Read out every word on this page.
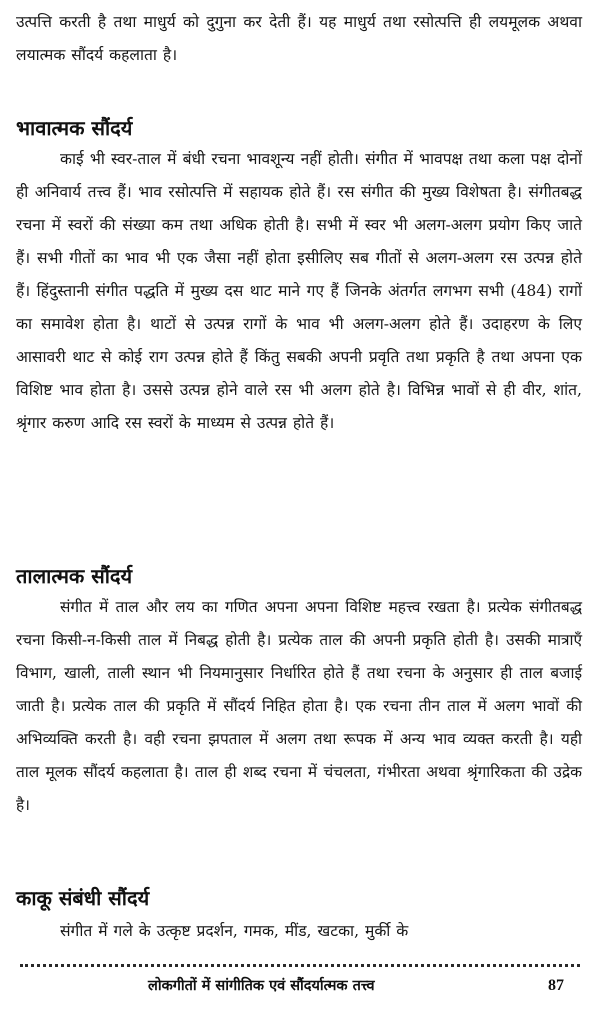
उत्पत्ति करती है तथा माधुर्य को दुगुना कर देती हैं। यह माधुर्य तथा रसोत्पत्ति ही लयमूलक अथवा लयात्मक सौंदर्य कहलाता है।

भावात्मक सौंदर्य

काई भी स्वर-ताल में बंधी रचना भावशून्य नहीं होती। संगीत में भावपक्ष तथा कला पक्ष दोनों ही अनिवार्य तत्त्व हैं। भाव रसोत्पत्ति में सहायक होते हैं। रस संगीत की मुख्य विशेषता है। संगीतबद्ध रचना में स्वरों की संख्या कम तथा अधिक होती है। सभी में स्वर भी अलग-अलग प्रयोग किए जाते हैं। सभी गीतों का भाव भी एक जैसा नहीं होता इसीलिए सब गीतों से अलग-अलग रस उत्पन्न होते हैं। हिंदुस्तानी संगीत पद्धति में मुख्य दस थाट माने गए हैं जिनके अंतर्गत लगभग सभी (484) रागों का समावेश होता है। थाटों से उत्पन्न रागों के भाव भी अलग-अलग होते हैं। उदाहरण के लिए आसावरी थाट से कोई राग उत्पन्न होते हैं किंतु सबकी अपनी प्रवृति तथा प्रकृति है तथा अपना एक विशिष्ट भाव होता है। उससे उत्पन्न होने वाले रस भी अलग होते है। विभिन्न भावों से ही वीर, शांत, श्रृंगार करुण आदि रस स्वरों के माध्यम से उत्पन्न होते हैं।

तालात्मक सौंदर्य

संगीत में ताल और लय का गणित अपना अपना विशिष्ट महत्त्व रखता है। प्रत्येक संगीतबद्ध रचना किसी-न-किसी ताल में निबद्ध होती है। प्रत्येक ताल की अपनी प्रकृति होती है। उसकी मात्राएँ विभाग, खाली, ताली स्थान भी नियमानुसार निर्धारित होते हैं तथा रचना के अनुसार ही ताल बजाई जाती है। प्रत्येक ताल की प्रकृति में सौंदर्य निहित होता है। एक रचना तीन ताल में अलग भावों की अभिव्यक्ति करती है। वही रचना झपताल में अलग तथा रूपक में अन्य भाव व्यक्त करती है। यही ताल मूलक सौंदर्य कहलाता है। ताल ही शब्द रचना में चंचलता, गंभीरता अथवा श्रृंगारिकता की उद्रेक है।

काकू संबंधी सौंदर्य

संगीत में गले के उत्कृष्ट प्रदर्शन, गमक, मींड, खटका, मुर्की के

लोकगीतों में सांगीतिक एवं सौंदर्यात्मक तत्त्व	87
